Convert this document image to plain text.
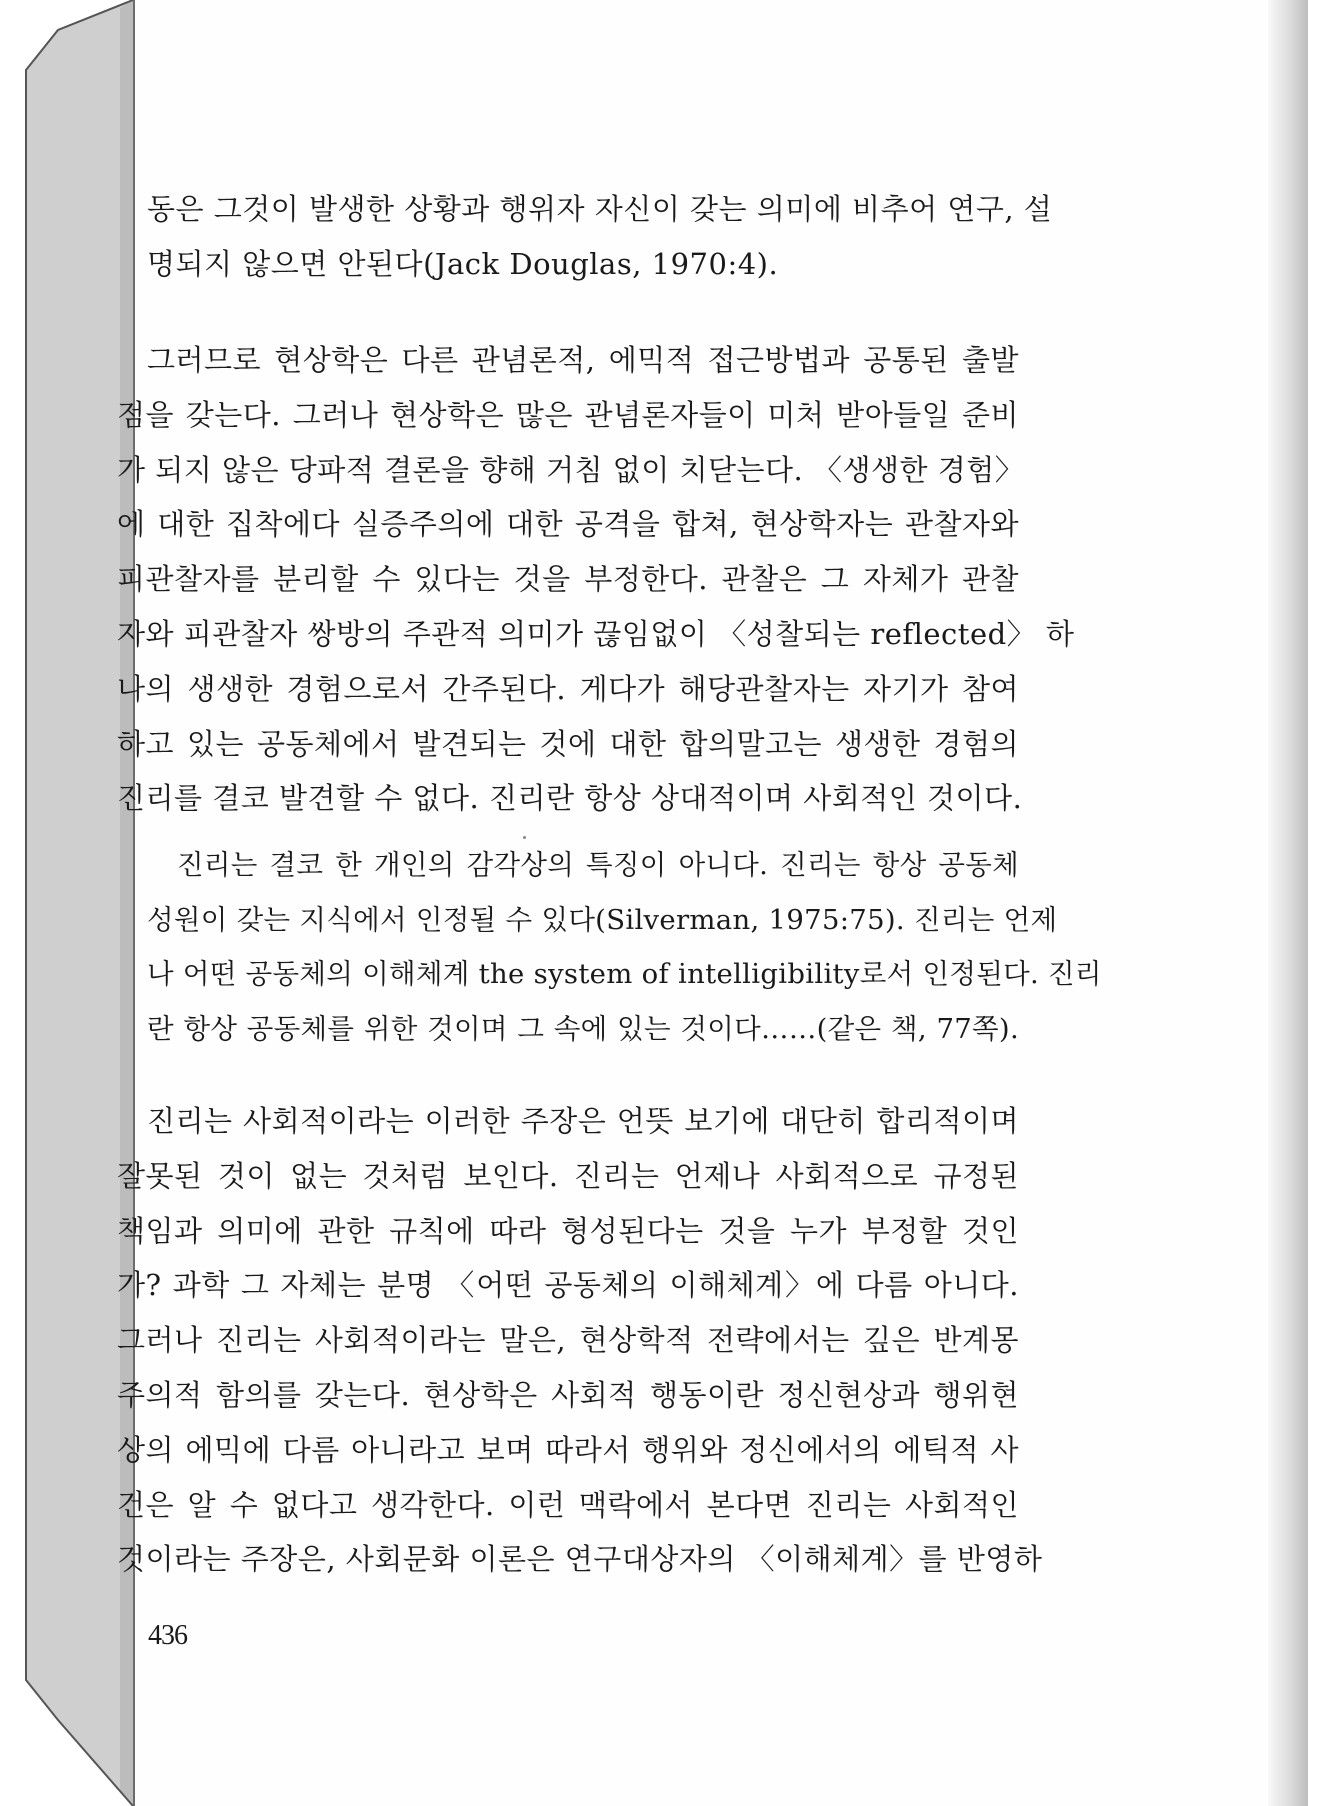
동은 그것이 발생한 상황과 행위자 자신이 갖는 의미에 비추어 연구, 설
명되지 않으면 안된다(Jack Douglas, 1970:4).
그러므로 현상학은 다른 관념론적, 에믹적 접근방법과 공통된 출발
점을 갖는다. 그러나 현상학은 많은 관념론자들이 미처 받아들일 준비
가 되지 않은 당파적 결론을 향해 거침 없이 치닫는다. 〈생생한 경험〉
에 대한 집착에다 실증주의에 대한 공격을 합쳐, 현상학자는 관찰자와
피관찰자를 분리할 수 있다는 것을 부정한다. 관찰은 그 자체가 관찰
자와 피관찰자 쌍방의 주관적 의미가 끊임없이 〈성찰되는 reflected〉 하
나의 생생한 경험으로서 간주된다. 게다가 해당관찰자는 자기가 참여
하고 있는 공동체에서 발견되는 것에 대한 합의말고는 생생한 경험의
진리를 결코 발견할 수 없다. 진리란 항상 상대적이며 사회적인 것이다.
진리는 결코 한 개인의 감각상의 특징이 아니다. 진리는 항상 공동체
성원이 갖는 지식에서 인정될 수 있다(Silverman, 1975:75). 진리는 언제
나 어떤 공동체의 이해체계 the system of intelligibility로서 인정된다. 진리
란 항상 공동체를 위한 것이며 그 속에 있는 것이다……(같은 책, 77쪽).
진리는 사회적이라는 이러한 주장은 언뜻 보기에 대단히 합리적이며
잘못된 것이 없는 것처럼 보인다. 진리는 언제나 사회적으로 규정된
책임과 의미에 관한 규칙에 따라 형성된다는 것을 누가 부정할 것인
가? 과학 그 자체는 분명 〈어떤 공동체의 이해체계〉에 다름 아니다.
그러나 진리는 사회적이라는 말은, 현상학적 전략에서는 깊은 반계몽
주의적 함의를 갖는다. 현상학은 사회적 행동이란 정신현상과 행위현
상의 에믹에 다름 아니라고 보며 따라서 행위와 정신에서의 에틱적 사
건은 알 수 없다고 생각한다. 이런 맥락에서 본다면 진리는 사회적인
것이라는 주장은, 사회문화 이론은 연구대상자의 〈이해체계〉를 반영하
436
